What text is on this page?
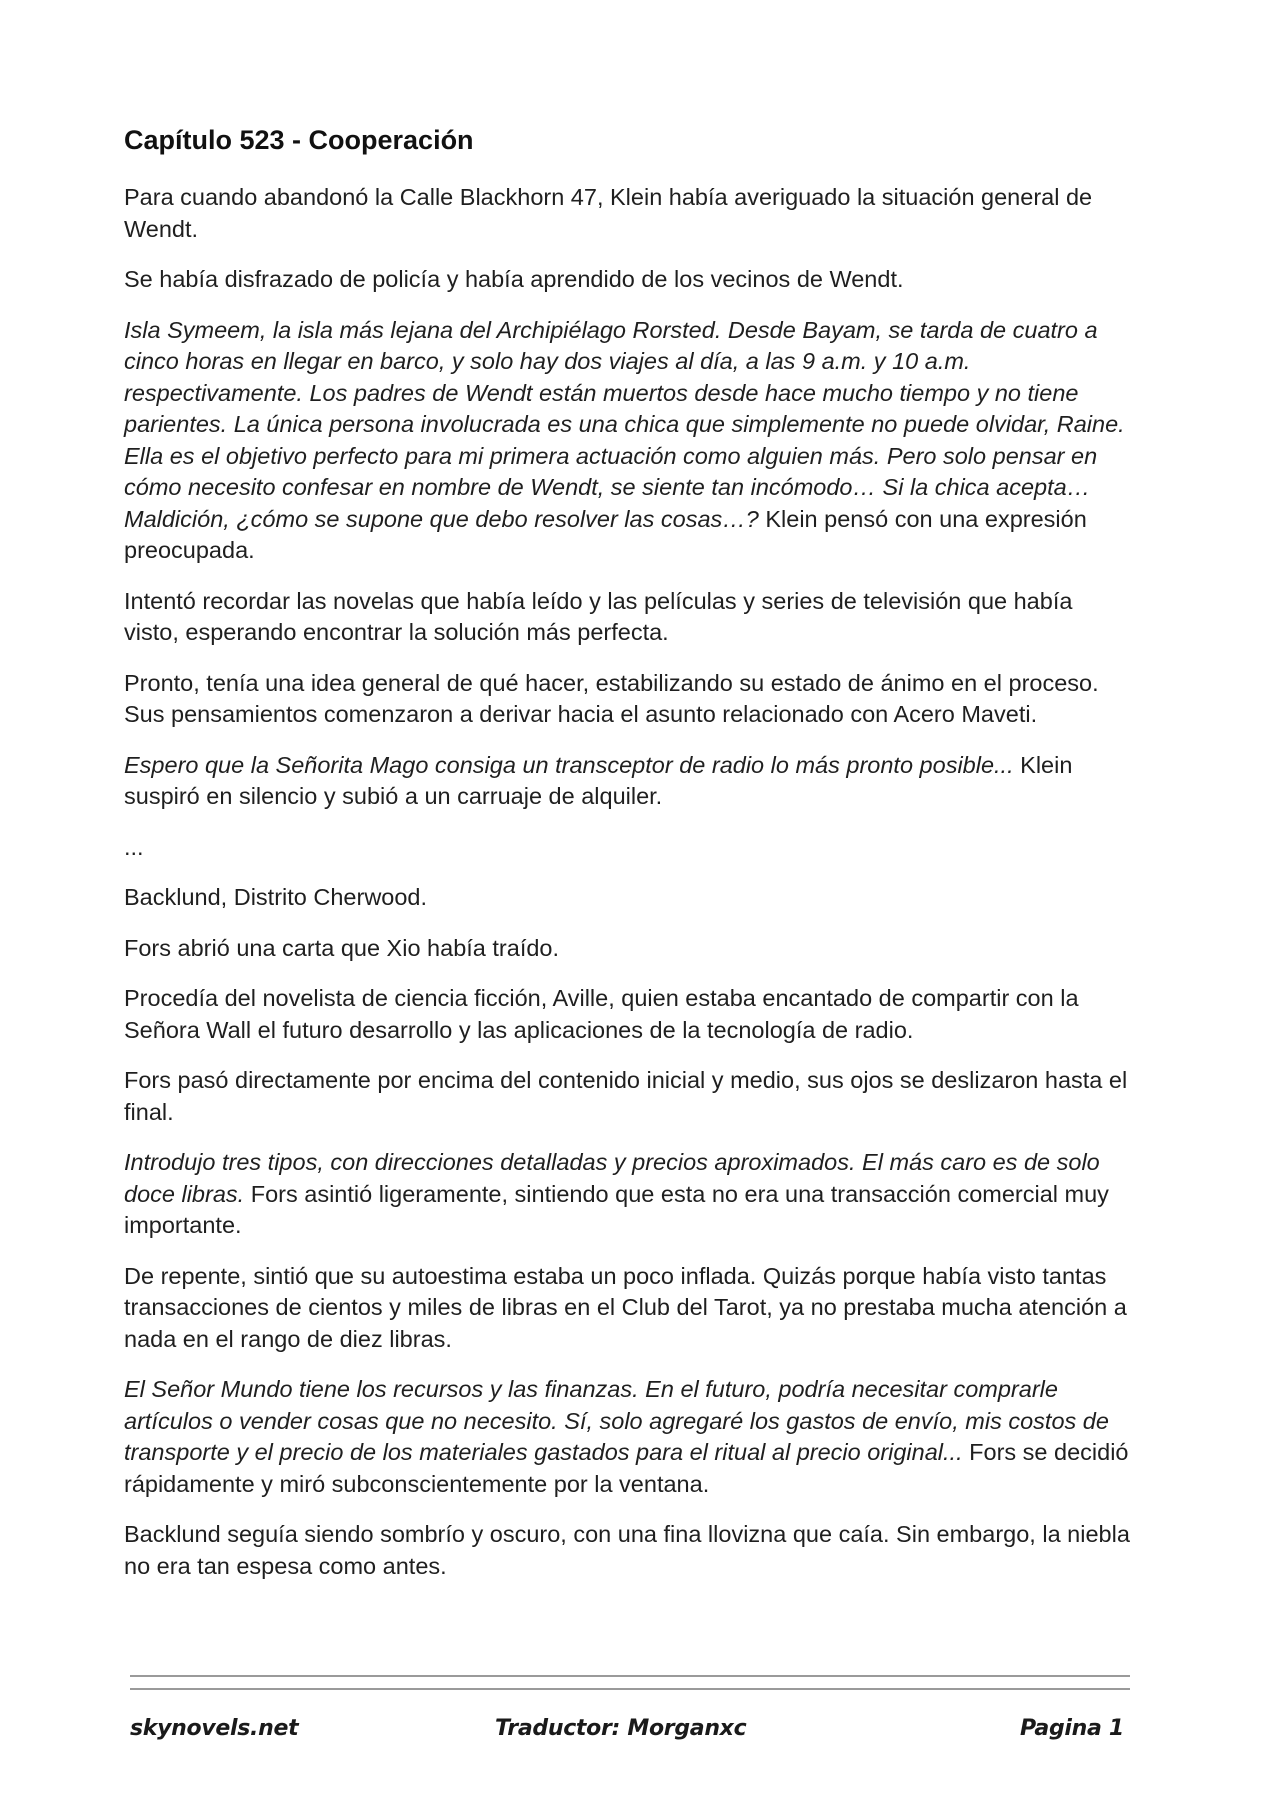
Capítulo 523 - Cooperación

Para cuando abandonó la Calle Blackhorn 47, Klein había averiguado la situación general de Wendt.

Se había disfrazado de policía y había aprendido de los vecinos de Wendt.

Isla Symeem, la isla más lejana del Archipiélago Rorsted. Desde Bayam, se tarda de cuatro a cinco horas en llegar en barco, y solo hay dos viajes al día, a las 9 a.m. y 10 a.m. respectivamente. Los padres de Wendt están muertos desde hace mucho tiempo y no tiene parientes. La única persona involucrada es una chica que simplemente no puede olvidar, Raine. Ella es el objetivo perfecto para mi primera actuación como alguien más. Pero solo pensar en cómo necesito confesar en nombre de Wendt, se siente tan incómodo… Si la chica acepta… Maldición, ¿cómo se supone que debo resolver las cosas…? Klein pensó con una expresión preocupada.

Intentó recordar las novelas que había leído y las películas y series de televisión que había visto, esperando encontrar la solución más perfecta.

Pronto, tenía una idea general de qué hacer, estabilizando su estado de ánimo en el proceso. Sus pensamientos comenzaron a derivar hacia el asunto relacionado con Acero Maveti.

Espero que la Señorita Mago consiga un transceptor de radio lo más pronto posible... Klein suspiró en silencio y subió a un carruaje de alquiler.

...

Backlund, Distrito Cherwood.

Fors abrió una carta que Xio había traído.

Procedía del novelista de ciencia ficción, Aville, quien estaba encantado de compartir con la Señora Wall el futuro desarrollo y las aplicaciones de la tecnología de radio.

Fors pasó directamente por encima del contenido inicial y medio, sus ojos se deslizaron hasta el final.

Introdujo tres tipos, con direcciones detalladas y precios aproximados. El más caro es de solo doce libras. Fors asintió ligeramente, sintiendo que esta no era una transacción comercial muy importante.

De repente, sintió que su autoestima estaba un poco inflada. Quizás porque había visto tantas transacciones de cientos y miles de libras en el Club del Tarot, ya no prestaba mucha atención a nada en el rango de diez libras.

El Señor Mundo tiene los recursos y las finanzas. En el futuro, podría necesitar comprarle artículos o vender cosas que no necesito. Sí, solo agregaré los gastos de envío, mis costos de transporte y el precio de los materiales gastados para el ritual al precio original... Fors se decidió rápidamente y miró subconscientemente por la ventana.

Backlund seguía siendo sombrío y oscuro, con una fina llovizna que caía. Sin embargo, la niebla no era tan espesa como antes.

skynovels.net	Traductor: Morganxc	Pagina 1
